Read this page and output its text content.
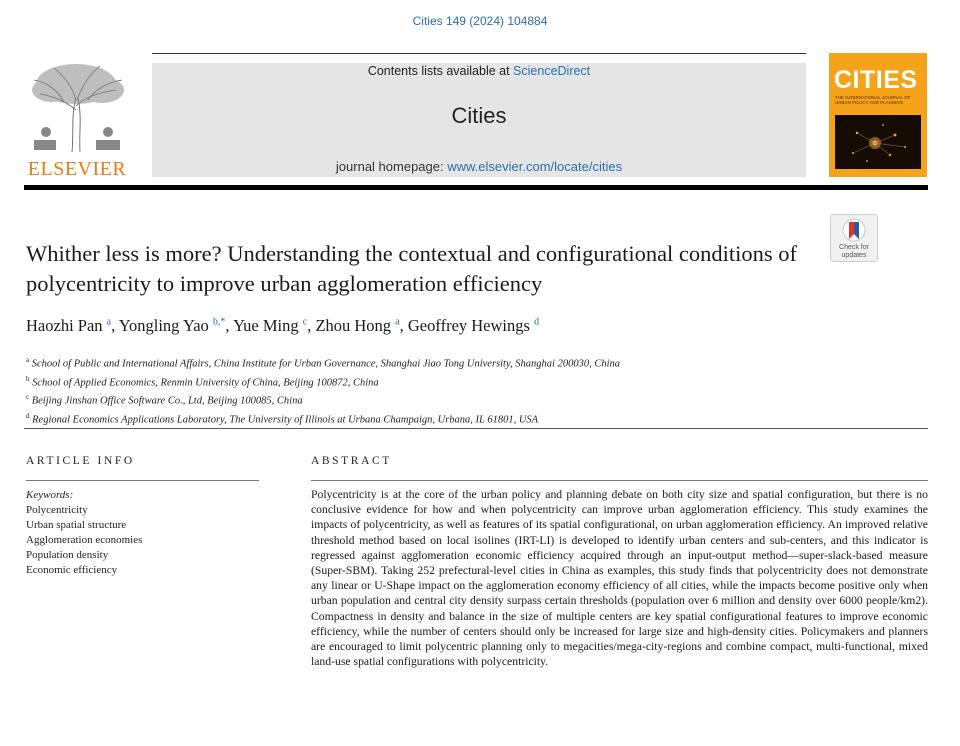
Cities 149 (2024) 104884
ELSEVIER
Contents lists available at ScienceDirect
Cities
journal homepage: www.elsevier.com/locate/cities
CITIES
THE INTERNATIONAL JOURNAL OF URBAN POLICY AND PLANNING
Check for updates
Whither less is more? Understanding the contextual and configurational conditions of polycentricity to improve urban agglomeration efficiency
Haozhi Pan $^a$, Yongling Yao $^{b,*}$, Yue Ming $^c$, Zhou Hong $^a$, Geoffrey Hewings $^d$
$^a$ School of Public and International Affairs, China Institute for Urban Governance, Shanghai Jiao Tong University, Shanghai 200030, China
$^b$ School of Applied Economics, Renmin University of China, Beijing 100872, China
$^c$ Beijing Jinshan Office Software Co., Ltd, Beijing 100085, China
$^d$ Regional Economics Applications Laboratory, The University of Illinois at Urbana Champaign, Urbana, IL 61801, USA
ARTICLE INFO	ABSTRACT
Keywords:
Polycentricity
Urban spatial structure
Agglomeration economies
Population density
Economic efficiency
Polycentricity is at the core of the urban policy and planning debate on both city size and spatial configuration, but there is no conclusive evidence for how and when polycentricity can improve urban agglomeration efficiency. This study examines the impacts of polycentricity, as well as features of its spatial configurational, on urban agglomeration efficiency. An improved relative threshold method based on local isolines (IRT-LI) is developed to identify urban centers and sub-centers, and this indicator is regressed against agglomeration economic efficiency acquired through an input-output method—super-slack-based measure (Super-SBM). Taking 252 prefectural-level cities in China as examples, this study finds that polycentricity does not demonstrate any linear or U-Shape impact on the agglomeration economy efficiency of all cities, while the impacts become positive only when urban population and central city density surpass certain thresholds (population over 6 million and density over 6000 people/km2). Compactness in density and balance in the size of multiple centers are key spatial configurational features to improve economic efficiency, while the number of centers should only be increased for large size and high-density cities. Policymakers and planners are encouraged to limit polycentric planning only to megacities/mega-city-regions and combine compact, multi-functional, mixed land-use spatial configurations with polycentricity.
